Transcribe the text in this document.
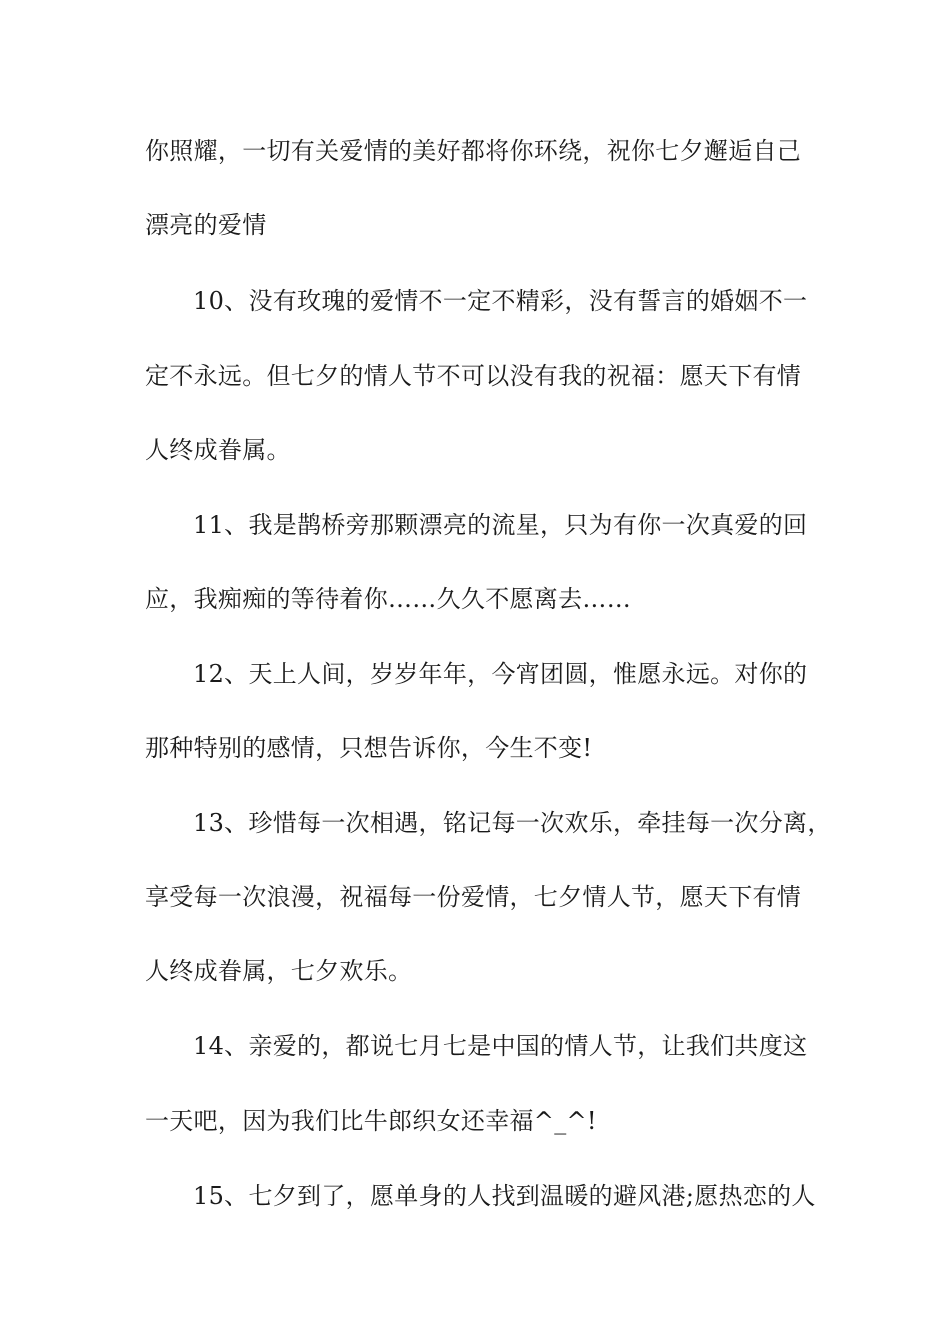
你照耀，一切有关爱情的美好都将你环绕，祝你七夕邂逅自己
漂亮的爱情
10、没有玫瑰的爱情不一定不精彩，没有誓言的婚姻不一
定不永远。但七夕的情人节不可以没有我的祝福：愿天下有情
人终成眷属。
11、我是鹊桥旁那颗漂亮的流星，只为有你一次真爱的回
应，我痴痴的等待着你……久久不愿离去……
12、天上人间，岁岁年年，今宵团圆，惟愿永远。对你的
那种特别的感情，只想告诉你，今生不变!
13、珍惜每一次相遇，铭记每一次欢乐，牵挂每一次分离，
享受每一次浪漫，祝福每一份爱情，七夕情人节，愿天下有情
人终成眷属，七夕欢乐。
14、亲爱的，都说七月七是中国的情人节，让我们共度这
一天吧，因为我们比牛郎织女还幸福^_^!
15、七夕到了，愿单身的人找到温暖的避风港;愿热恋的人
